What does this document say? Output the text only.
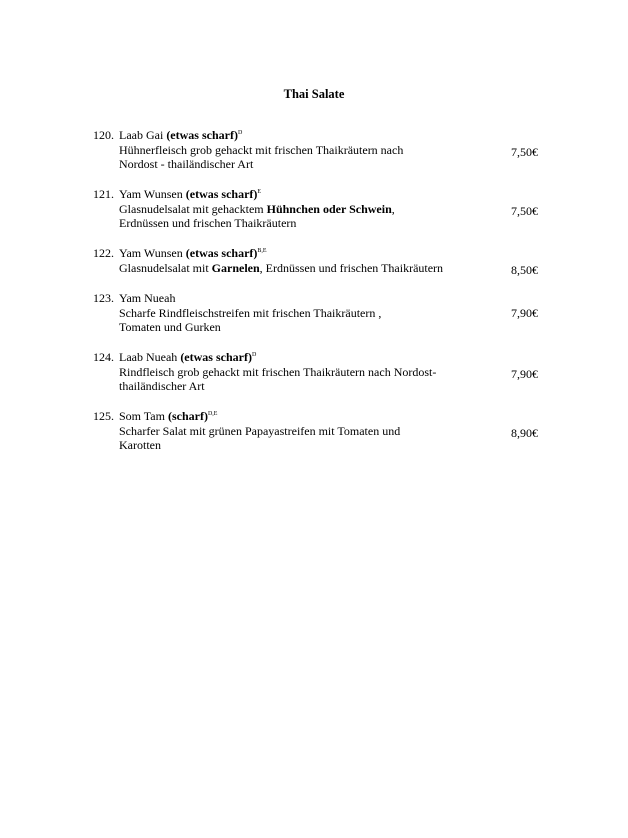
Thai Salate
120. Laab Gai (etwas scharf)$^D$
Hühnerfleisch grob gehackt mit frischen Thaikräutern nach
Nordost - thailändischer Art
7,50€
121. Yam Wunsen (etwas scharf)$^E$
Glasnudelsalat mit gehacktem Hühnchen oder Schwein,
Erdnüssen und frischen Thaikräutern
7,50€
122. Yam Wunsen (etwas scharf)$^{B,E}$
Glasnudelsalat mit Garnelen, Erdnüssen und frischen Thaikräutern	8,50€
123. Yam Nueah
Scharfe Rindfleischstreifen mit frischen Thaikräutern ,
Tomaten und Gurken
7,90€
124. Laab Nueah (etwas scharf)$^D$
Rindfleisch grob gehackt mit frischen Thaikräutern nach Nordost-
thailändischer Art
7,90€
125. Som Tam (scharf)$^{D,E}$
Scharfer Salat mit grünen Papayastreifen mit Tomaten und
Karotten
8,90€
